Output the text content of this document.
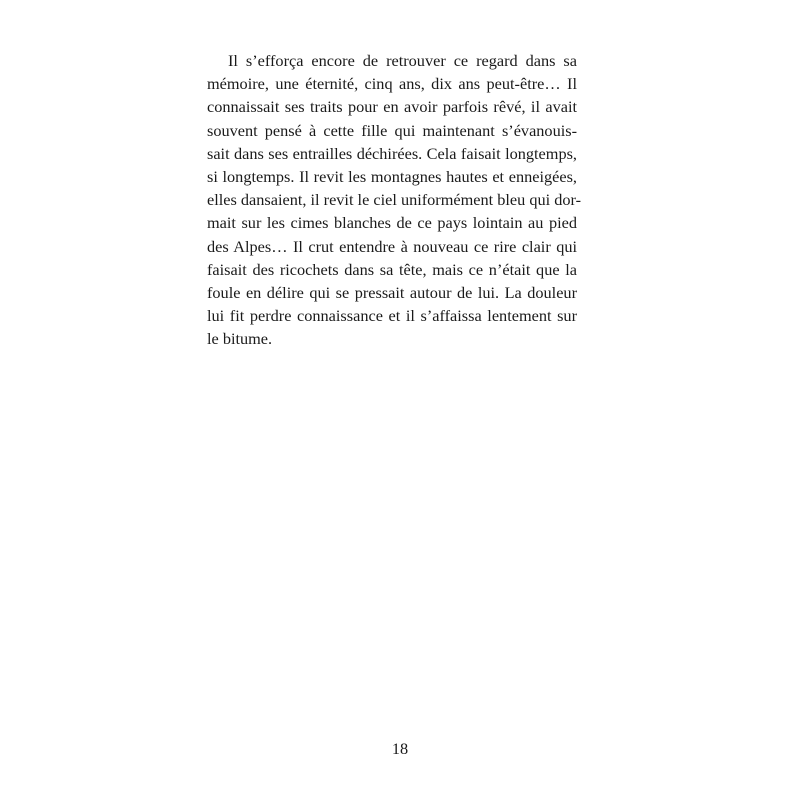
Il s’efforça encore de retrouver ce regard dans sa
mémoire, une éternité, cinq ans, dix ans peut-être… Il
connaissait ses traits pour en avoir parfois rêvé, il avait
souvent pensé à cette fille qui maintenant s’évanouis-
sait dans ses entrailles déchirées. Cela faisait longtemps,
si longtemps. Il revit les montagnes hautes et enneigées,
elles dansaient, il revit le ciel uniformément bleu qui dor-
mait sur les cimes blanches de ce pays lointain au pied
des Alpes… Il crut entendre à nouveau ce rire clair qui
faisait des ricochets dans sa tête, mais ce n’était que la
foule en délire qui se pressait autour de lui. La douleur
lui fit perdre connaissance et il s’affaissa lentement sur
le bitume.
18
